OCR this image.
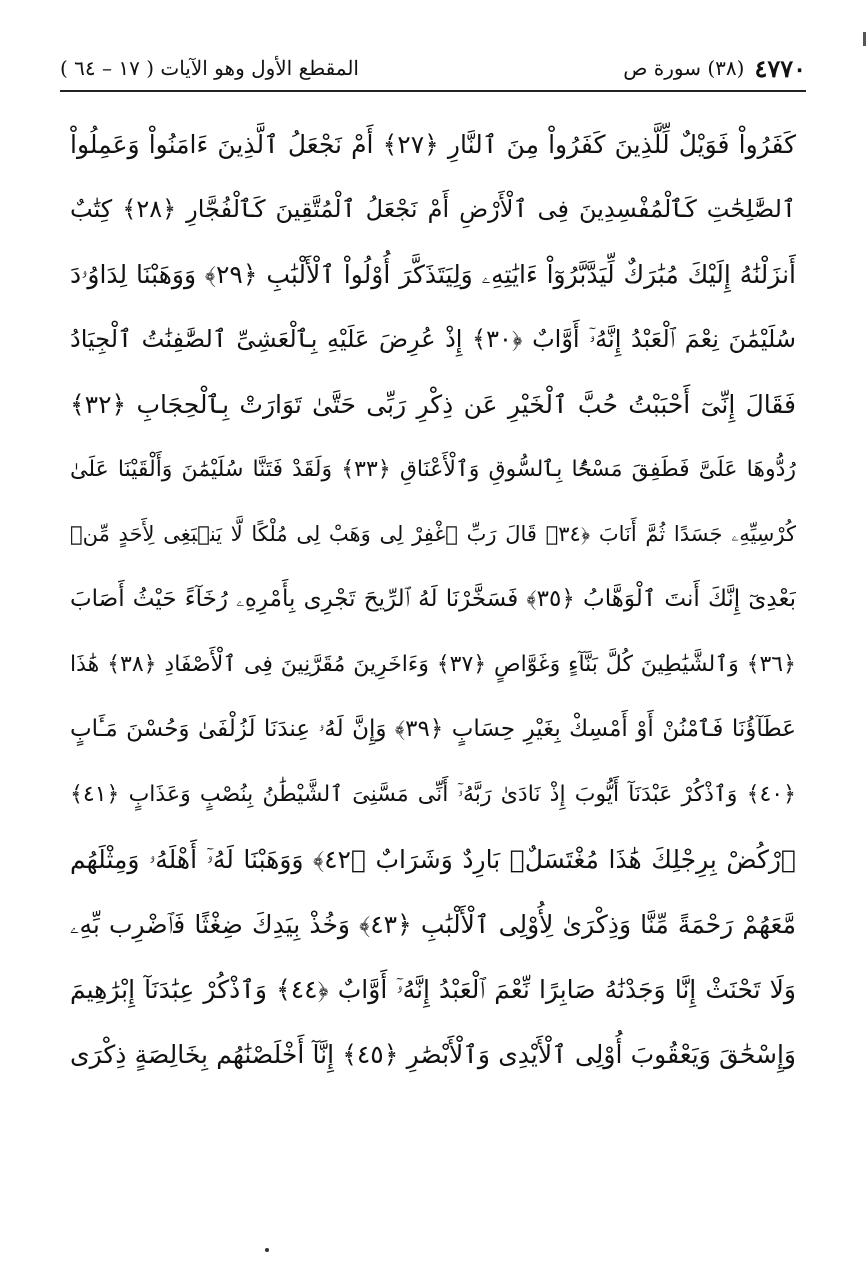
٤٧٧٠
(٣٨) سورة ص
المقطع الأول وهو الآيات ( ١٧ – ٦٤ )
كَفَرُواْ فَوَيْلٌ لِّلَّذِينَ كَفَرُواْ مِنَ ٱلنَّارِ ﴿٢٧﴾ أَمْ نَجْعَلُ ٱلَّذِينَ ءَامَنُواْ وَعَمِلُواْ
ٱلصَّٰلِحَٰتِ كَٱلْمُفْسِدِينَ فِى ٱلْأَرْضِ أَمْ نَجْعَلُ ٱلْمُتَّقِينَ كَٱلْفُجَّارِ ﴿٢٨﴾ كِتَٰبٌ
أَنزَلْنَٰهُ إِلَيْكَ مُبَٰرَكٌ لِّيَدَّبَّرُوٓاْ ءَايَٰتِهِۦ وَلِيَتَذَكَّرَ أُوْلُواْ ٱلْأَلْبَٰبِ ﴿٢٩﴾ وَوَهَبْنَا لِدَاوُۥدَ
سُلَيْمَٰنَ نِعْمَ ٱلْعَبْدُ إِنَّهُۥٓ أَوَّابٌ ﴿٣٠﴾ إِذْ عُرِضَ عَلَيْهِ بِٱلْعَشِىِّ ٱلصَّٰفِنَٰتُ ٱلْجِيَادُ
فَقَالَ إِنِّىٓ أَحْبَبْتُ حُبَّ ٱلْخَيْرِ عَن ذِكْرِ رَبِّى حَتَّىٰ تَوَارَتْ بِٱلْحِجَابِ ﴿٣٢﴾
رُدُّوهَا عَلَىَّ فَطَفِقَ مَسْحًۢا بِٱلسُّوقِ وَٱلْأَعْنَاقِ ﴿٣٣﴾ وَلَقَدْ فَتَنَّا سُلَيْمَٰنَ وَأَلْقَيْنَا عَلَىٰ
كُرْسِيِّهِۦ جَسَدًا ثُمَّ أَنَابَ ﴿٣٤﴾ قَالَ رَبِّ ٱغْفِرْ لِى وَهَبْ لِى مُلْكًا لَّا يَنۢبَغِى لِأَحَدٍ مِّنۢ
بَعْدِىٓ إِنَّكَ أَنتَ ٱلْوَهَّابُ ﴿٣٥﴾ فَسَخَّرْنَا لَهُ ٱلرِّيحَ تَجْرِى بِأَمْرِهِۦ رُخَآءً حَيْثُ أَصَابَ
﴿٣٦﴾ وَٱلشَّيَٰطِينَ كُلَّ بَنَّآءٍ وَغَوَّاصٍ ﴿٣٧﴾ وَءَاخَرِينَ مُقَرَّنِينَ فِى ٱلْأَصْفَادِ ﴿٣٨﴾ هَٰذَا
عَطَآؤُنَا فَٱمْنُنْ أَوْ أَمْسِكْ بِغَيْرِ حِسَابٍ ﴿٣٩﴾ وَإِنَّ لَهُۥ عِندَنَا لَزُلْفَىٰ وَحُسْنَ مَـَٔابٍ
﴿٤٠﴾ وَٱذْكُرْ عَبْدَنَآ أَيُّوبَ إِذْ نَادَىٰ رَبَّهُۥٓ أَنِّى مَسَّنِىَ ٱلشَّيْطَٰنُ بِنُصْبٍ وَعَذَابٍ ﴿٤١﴾
ٱرْكُضْ بِرِجْلِكَ هَٰذَا مُغْتَسَلٌۢ بَارِدٌ وَشَرَابٌ ﴿٤٢﴾ وَوَهَبْنَا لَهُۥٓ أَهْلَهُۥ وَمِثْلَهُم
مَّعَهُمْ رَحْمَةً مِّنَّا وَذِكْرَىٰ لِأُوْلِى ٱلْأَلْبَٰبِ ﴿٤٣﴾ وَخُذْ بِيَدِكَ ضِغْثًا فَٱضْرِب بِّهِۦ
وَلَا تَحْنَثْ إِنَّا وَجَدْنَٰهُ صَابِرًا نِّعْمَ ٱلْعَبْدُ إِنَّهُۥٓ أَوَّابٌ ﴿٤٤﴾ وَٱذْكُرْ عِبَٰدَنَآ إِبْرَٰهِيمَ
وَإِسْحَٰقَ وَيَعْقُوبَ أُوْلِى ٱلْأَيْدِى وَٱلْأَبْصَٰرِ ﴿٤٥﴾ إِنَّآ أَخْلَصْنَٰهُم بِخَالِصَةٍ ذِكْرَى
